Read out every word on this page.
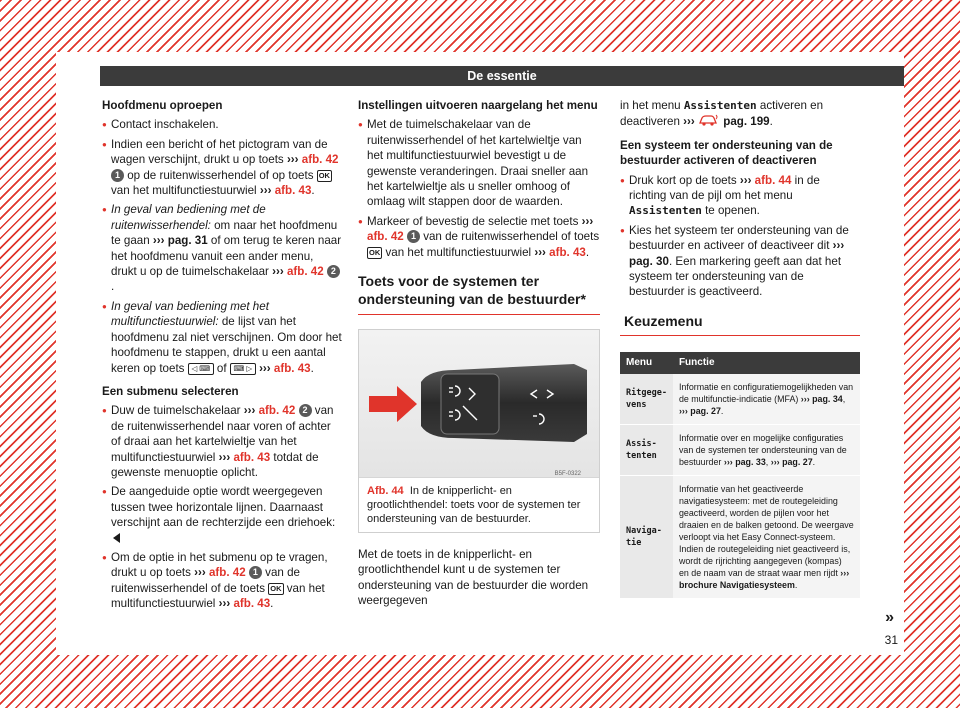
De essentie
Hoofdmenu oproepen
● Contact inschakelen.
● Indien een bericht of het pictogram van de wagen verschijnt, drukt u op toets ››› afb. 42 1 op de ruitenwisserhendel of op toets OK van het multifunctiestuurwiel ››› afb. 43.
● In geval van bediening met de ruitenwisserhendel: om naar het hoofdmenu te gaan ››› pag. 31 of om terug te keren naar het hoofdmenu vanuit een ander menu, drukt u op de tuimelschakelaar ››› afb. 42 2.
● In geval van bediening met het multifunctiestuurwiel: de lijst van het hoofdmenu zal niet verschijnen. Om door het hoofdmenu te stappen, drukt u een aantal keren op toets ◁ ⌨ of ⌨ ▷ ››› afb. 43.
Een submenu selecteren
● Duw de tuimelschakelaar ››› afb. 42 2 van de ruitenwisserhendel naar voren of achter of draai aan het kartelwieltje van het multifunctiestuurwiel ››› afb. 43 totdat de gewenste menuoptie oplicht.
● De aangeduide optie wordt weergegeven tussen twee horizontale lijnen. Daarnaast verschijnt aan de rechterzijde een driehoek:

● Om de optie in het submenu op te vragen, drukt u op toets ››› afb. 42 1 van de ruitenwisserhendel of de toets OK van het multifunctiestuurwiel ››› afb. 43.
Instellingen uitvoeren naargelang het menu
● Met de tuimelschakelaar van de ruitenwisserhendel of het kartelwieltje van het multifunctiestuurwiel bevestigt u de gewenste veranderingen. Draai sneller aan het kartelwieltje als u sneller omhoog of omlaag wilt stappen door de waarden.
● Markeer of bevestig de selectie met toets ››› afb. 42 1 van de ruitenwisserhendel of toets OK van het multifunctiestuurwiel ››› afb. 43.
Toets voor de systemen ter ondersteuning van de bestuurder*
B5F-0322
Afb. 44 In de knipperlicht- en grootlichthendel: toets voor de systemen ter ondersteuning van de bestuurder.

Met de toets in de knipperlicht- en grootlichthendel kunt u de systemen ter ondersteuning van de bestuurder die worden weergegeven

in het menu Assistenten activeren en deactiveren ››› pag. 199.

Een systeem ter ondersteuning van de bestuurder activeren of deactiveren
● Druk kort op de toets ››› afb. 44 in de richting van de pijl om het menu Assistenten te openen.
● Kies het systeem ter ondersteuning van de bestuurder en activeer of deactiveer dit ››› pag. 30. Een markering geeft aan dat het systeem ter ondersteuning van de bestuurder is geactiveerd.
Keuzemenu
Menu	Functie
Ritgege-
vens	Informatie en configuratiemogelijkheden van de multifunctie-indicatie (MFA) ››› pag. 34, ››› pag. 27.
Assis-
tenten	Informatie over en mogelijke configuraties van de systemen ter ondersteuning van de bestuurder ››› pag. 33, ››› pag. 27.
Naviga-
tie	Informatie van het geactiveerde navigatiesysteem: met de routegeleiding geactiveerd, worden de pijlen voor het draaien en de balken getoond. De weergave verloopt via het Easy Connect-systeem. Indien de routegeleiding niet geactiveerd is, wordt de rijrichting aangegeven (kompas) en de naam van de straat waar men rijdt ››› brochure Navigatiesysteem.
»
31
